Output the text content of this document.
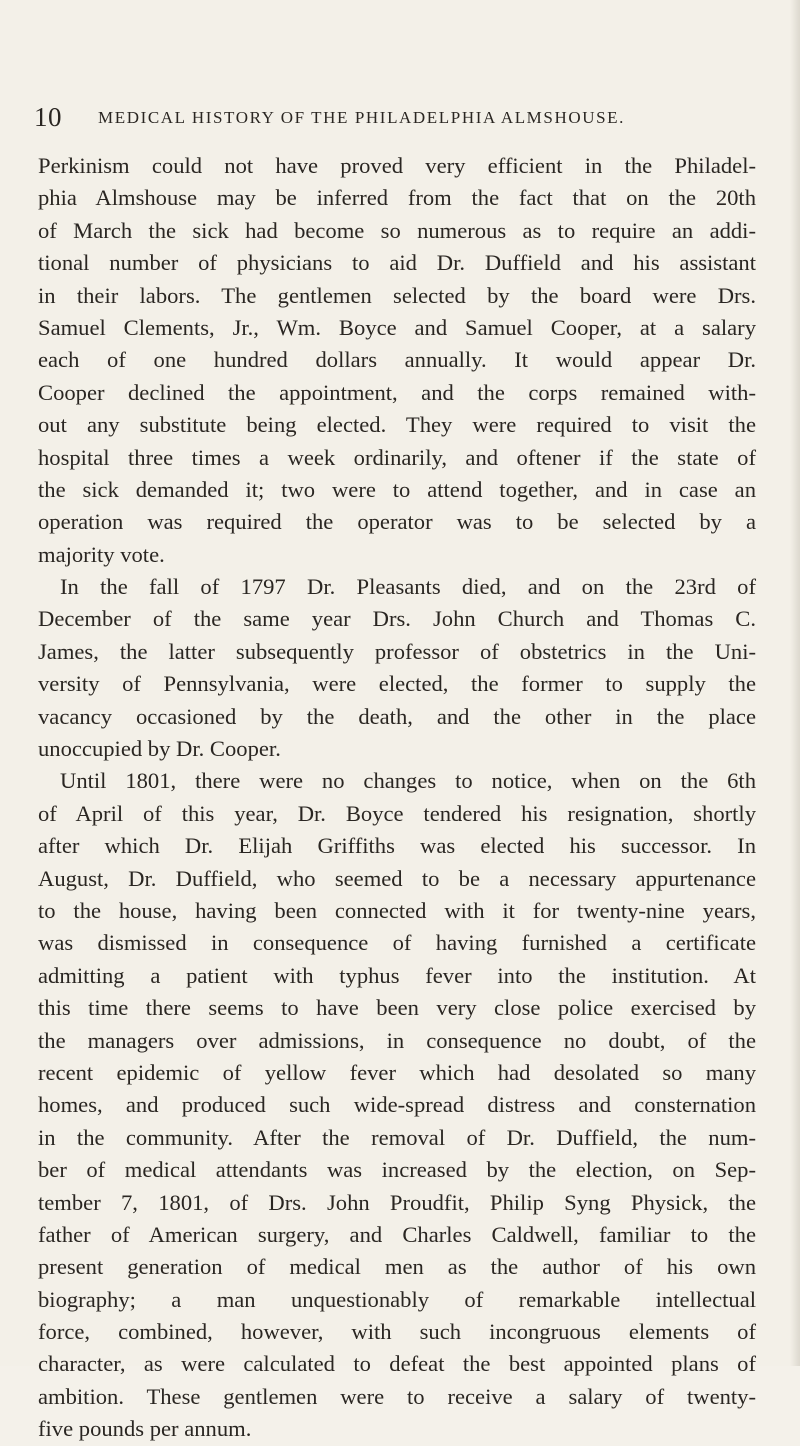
10 MEDICAL HISTORY OF THE PHILADELPHIA ALMSHOUSE.
Perkinism could not have proved very efficient in the Philadel-
phia Almshouse may be inferred from the fact that on the 20th
of March the sick had become so numerous as to require an addi-
tional number of physicians to aid Dr. Duffield and his assistant
in their labors. The gentlemen selected by the board were Drs.
Samuel Clements, Jr., Wm. Boyce and Samuel Cooper, at a salary
each of one hundred dollars annually. It would appear Dr.
Cooper declined the appointment, and the corps remained with-
out any substitute being elected. They were required to visit the
hospital three times a week ordinarily, and oftener if the state of
the sick demanded it; two were to attend together, and in case an
operation was required the operator was to be selected by a
majority vote.
In the fall of 1797 Dr. Pleasants died, and on the 23rd of
December of the same year Drs. John Church and Thomas C.
James, the latter subsequently professor of obstetrics in the Uni-
versity of Pennsylvania, were elected, the former to supply the
vacancy occasioned by the death, and the other in the place
unoccupied by Dr. Cooper.
Until 1801, there were no changes to notice, when on the 6th
of April of this year, Dr. Boyce tendered his resignation, shortly
after which Dr. Elijah Griffiths was elected his successor. In
August, Dr. Duffield, who seemed to be a necessary appurtenance
to the house, having been connected with it for twenty-nine years,
was dismissed in consequence of having furnished a certificate
admitting a patient with typhus fever into the institution. At
this time there seems to have been very close police exercised by
the managers over admissions, in consequence no doubt, of the
recent epidemic of yellow fever which had desolated so many
homes, and produced such wide-spread distress and consternation
in the community. After the removal of Dr. Duffield, the num-
ber of medical attendants was increased by the election, on Sep-
tember 7, 1801, of Drs. John Proudfit, Philip Syng Physick, the
father of American surgery, and Charles Caldwell, familiar to the
present generation of medical men as the author of his own
biography; a man unquestionably of remarkable intellectual
force, combined, however, with such incongruous elements of
character, as were calculated to defeat the best appointed plans of
ambition. These gentlemen were to receive a salary of twenty-
five pounds per annum.
